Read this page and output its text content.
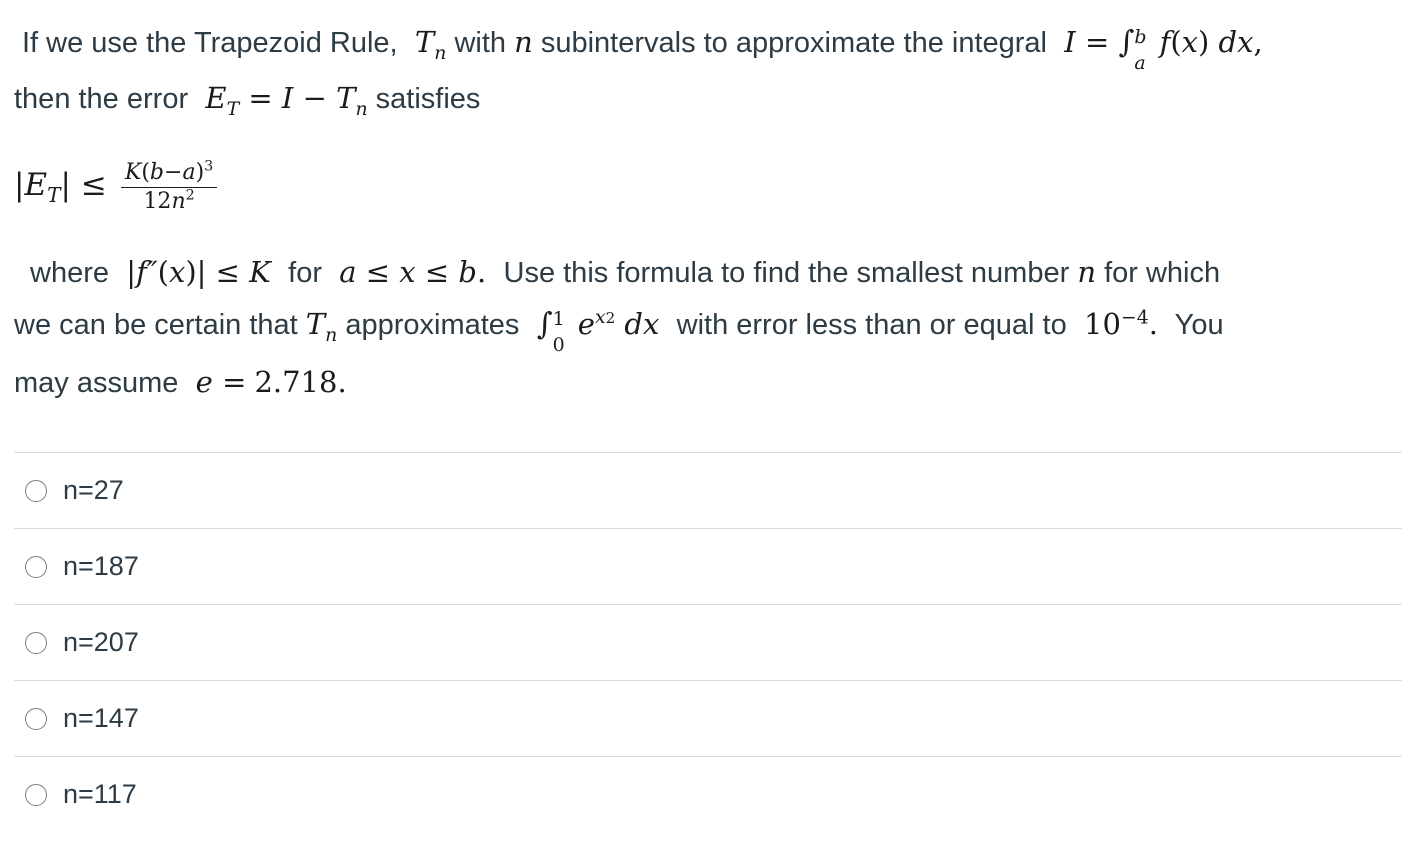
If we use the Trapezoid Rule,  $T_n$ with n subintervals to approximate the integral  I = ∫ b
a
f(x) dx,
then the error  $E_T = I - T_n$ satisfies
$|E_T| \le \frac{K(b-a)^3}{12n^2}$
where |f″(x)| ≤ K  for  a ≤ x ≤ b. Use this formula to find the smallest number n for which
we can be certain that $T_n$ approximates ∫ 1
0
$e^{x2}$ dx  with error less than or equal to  $10^{-4}$.  You
may assume  e = 2.718.
n=27
n=187
n=207
n=147
n=117
